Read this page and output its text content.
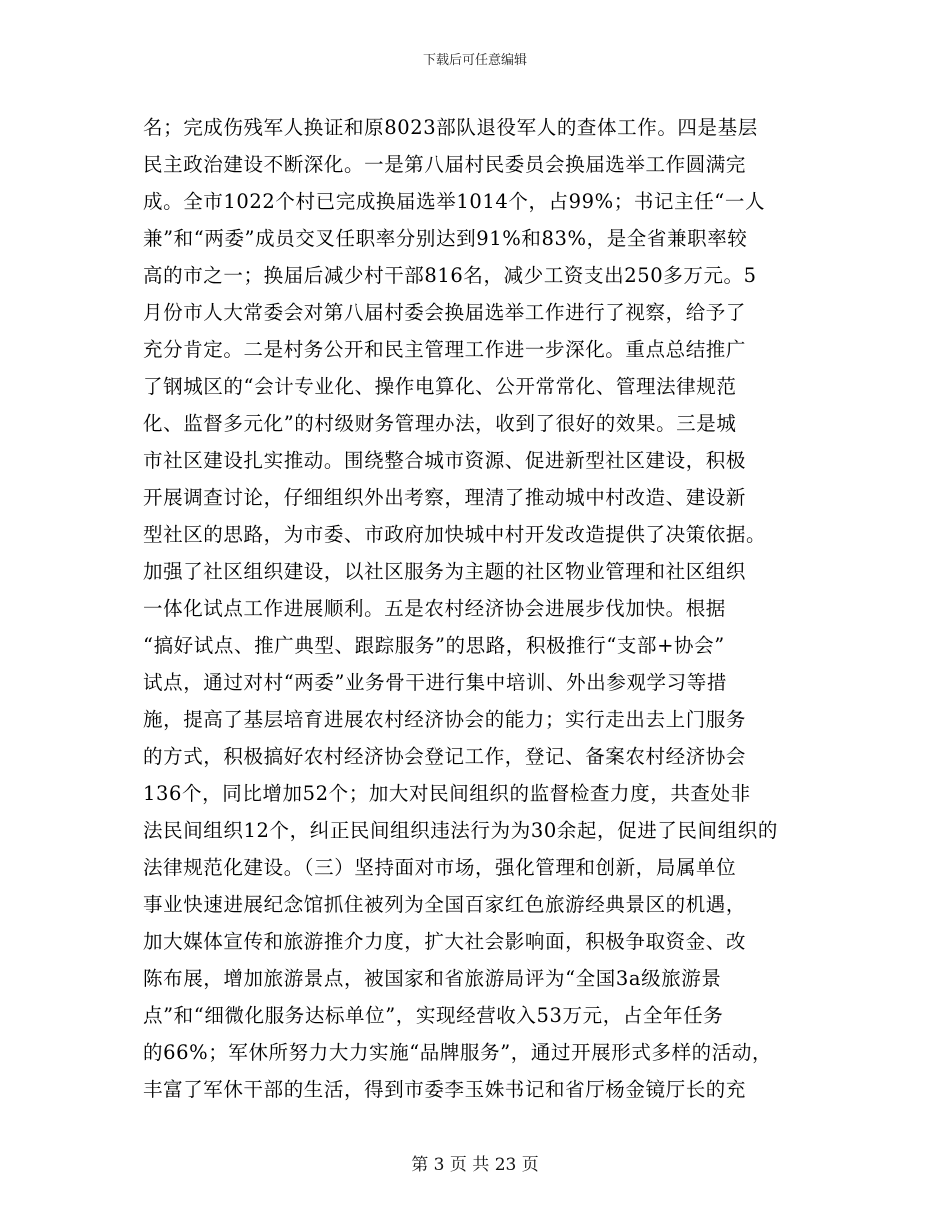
下载后可任意编辑
名；完成伤残军人换证和原8023部队退役军人的查体工作。四是基层
民主政治建设不断深化。一是第八届村民委员会换届选举工作圆满完
成。全市1022个村已完成换届选举1014个，占99%；书记主任“一人
兼”和“两委”成员交叉任职率分别达到91%和83%，是全省兼职率较
高的市之一；换届后减少村干部816名，减少工资支出250多万元。5
月份市人大常委会对第八届村委会换届选举工作进行了视察，给予了
充分肯定。二是村务公开和民主管理工作进一步深化。重点总结推广
了钢城区的“会计专业化、操作电算化、公开常常化、管理法律规范
化、监督多元化”的村级财务管理办法，收到了很好的效果。三是城
市社区建设扎实推动。围绕整合城市资源、促进新型社区建设，积极
开展调查讨论，仔细组织外出考察，理清了推动城中村改造、建设新
型社区的思路，为市委、市政府加快城中村开发改造提供了决策依据。
加强了社区组织建设，以社区服务为主题的社区物业管理和社区组织
一体化试点工作进展顺利。五是农村经济协会进展步伐加快。根据
“搞好试点、推广典型、跟踪服务”的思路，积极推行“支部+协会”
试点，通过对村“两委”业务骨干进行集中培训、外出参观学习等措
施，提高了基层培育进展农村经济协会的能力；实行走出去上门服务
的方式，积极搞好农村经济协会登记工作，登记、备案农村经济协会
136个，同比增加52个；加大对民间组织的监督检查力度，共查处非
法民间组织12个，纠正民间组织违法行为为30余起，促进了民间组织的
法律规范化建设。（三）坚持面对市场，强化管理和创新，局属单位
事业快速进展纪念馆抓住被列为全国百家红色旅游经典景区的机遇，
加大媒体宣传和旅游推介力度，扩大社会影响面，积极争取资金、改
陈布展，增加旅游景点，被国家和省旅游局评为“全国3a级旅游景
点”和“细微化服务达标单位”，实现经营收入53万元，占全年任务
的66%；军休所努力大力实施“品牌服务”，通过开展形式多样的活动，
丰富了军休干部的生活，得到市委李玉姝书记和省厅杨金镜厅长的充
第 3 页 共 23 页
